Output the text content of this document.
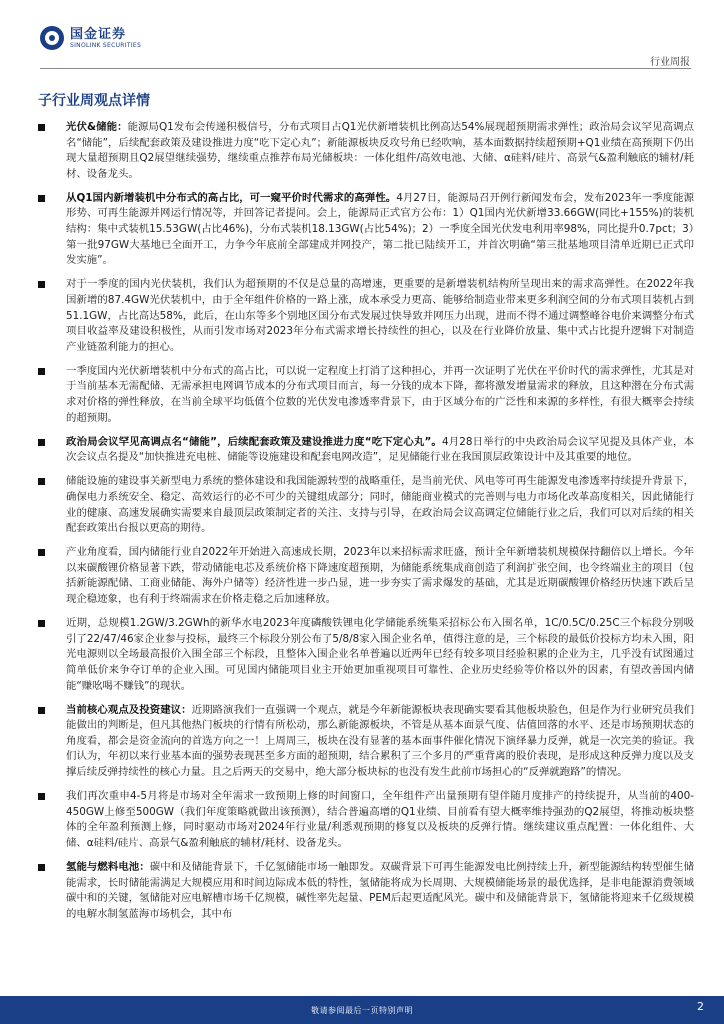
国金证券
SINOLINK SECURITIES
行业周报
子行业周观点详情
光伏&储能：能源局Q1发布会传递积极信号，分布式项目占Q1光伏新增装机比例高达54%展现超预期需求弹性；政治局会议罕见高调点名“储能”，后续配套政策及建设推进力度“吃下定心丸”；新能源板块反攻号角已经吹响，基本面数据持续超预期+Q1业绩在高预期下仍出现大量超预期且Q2展望继续强势，继续重点推荐布局光储板块：一体化组件/高效电池、大储、α硅料/硅片、高景气&盈利触底的辅材/耗材、设备龙头。
从Q1国内新增装机中分布式的高占比，可一窥平价时代需求的高弹性。4月27日，能源局召开例行新闻发布会，发布2023年一季度能源形势、可再生能源并网运行情况等，并回答记者提问。会上，能源局正式官方公布：1）Q1国内光伏新增33.66GW(同比+155%)的装机结构：集中式装机15.53GW(占比46%)，分布式装机18.13GW(占比54%)；2）一季度全国光伏发电利用率98%，同比提升0.7pct；3）第一批97GW大基地已全面开工，力争今年底前全部建成并网投产，第二批已陆续开工，并首次明确“第三批基地项目清单近期已正式印发实施”。
对于一季度的国内光伏装机，我们认为超预期的不仅是总量的高增速，更重要的是新增装机结构所呈现出来的需求高弹性。在2022年我国新增的87.4GW光伏装机中，由于全年组件价格的一路上涨，成本承受力更高、能够给制造业带来更多利润空间的分布式项目装机占到51.1GW，占比高达58%，此后，在山东等多个别地区国分布式发展过快导致并网压力出现，进而不得不通过调整峰谷电价来调整分布式项目收益率及建设积极性，从而引发市场对2023年分布式需求增长持续性的担心，以及在行业降价放量、集中式占比提升逻辑下对制造产业链盈利能力的担心。
一季度国内光伏新增装机中分布式的高占比，可以说一定程度上打消了这种担心，并再一次证明了光伏在平价时代的需求弹性，尤其是对于当前基本无需配储、无需承担电网调节成本的分布式项目而言，每一分钱的成本下降，都将激发增量需求的释放，且这种潜在分布式需求对价格的弹性释放，在当前全球平均低值个位数的光伏发电渗透率背景下，由于区域分布的广泛性和来源的多样性，有很大概率会持续的超预期。
政治局会议罕见高调点名“储能”，后续配套政策及建设推进力度“吃下定心丸”。4月28日举行的中央政治局会议罕见提及具体产业，本次会议点名提及“加快推进充电桩、储能等设施建设和配套电网改造”，足见储能行业在我国顶层政策设计中及其重要的地位。
储能设施的建设事关新型电力系统的整体建设和我国能源转型的战略重任，是当前光伏、风电等可再生能源发电渗透率持续提升背景下，确保电力系统安全、稳定、高效运行的必不可少的关键组成部分；同时，储能商业模式的完善则与电力市场化改革高度相关，因此储能行业的健康、高速发展确实需要来自最顶层政策制定者的关注、支持与引导，在政治局会议高调定位储能行业之后，我们可以对后续的相关配套政策出台报以更高的期待。
产业角度看，国内储能行业自2022年开始进入高速成长期，2023年以来招标需求旺盛，预计全年新增装机规模保持翻倍以上增长。今年以来碳酸锂价格显著下跌，带动储能电芯及系统价格下降速度超预期，为储能系统集成商创造了利润扩张空间，也令终端业主的项目（包括新能源配储、工商业储能、海外户储等）经济性进一步凸显，进一步夯实了需求爆发的基础，尤其是近期碳酸锂价格经历快速下跌后呈现企稳迹象，也有利于终端需求在价格走稳之后加速释放。
近期，总规模1.2GW/3.2GWh的新华水电2023年度磷酸铁锂电化学储能系统集采招标公布入围名单，1C/0.5C/0.25C三个标段分别吸引了22/47/46家企业参与投标，最终三个标段分别公布了5/8/8家入围企业名单，值得注意的是，三个标段的最低价投标方均未入围，阳光电源则以全场最高报价入围全部三个标段，且整体入围企业名单普遍以近两年已经有较多项目经验积累的企业为主，几乎没有试图通过简单低价来争夺订单的企业入围。可见国内储能项目业主开始更加重视项目可靠性、企业历史经验等价格以外的因素，有望改善国内储能“赚吆喝不赚钱”的现状。
当前核心观点及投资建议：近期路演我们一直强调一个观点，就是今年新能源板块表现确实要看其他板块脸色，但是作为行业研究员我们能做出的判断是，但凡其他热门板块的行情有所松动，那么新能源板块，不管是从基本面景气度、估值回落的水平、还是市场预期状态的角度看，都会是资金流向的首选方向之一！上周周三，板块在没有显著的基本面事件催化情况下演绎暴力反弹，就是一次完美的验证。我们认为，年初以来行业基本面的强势表现甚至多方面的超预期，结合累积了三个多月的严重背离的股价表现，是形成这种反弹力度以及支撑后续反弹持续性的核心力量。且之后两天的交易中，绝大部分板块标的也没有发生此前市场担心的“反弹就跑路”的情况。
我们再次重申4-5月将是市场对全年需求一致预期上修的时间窗口，全年组件产出量预期有望伴随月度排产的持续提升，从当前的400-450GW上修至500GW（我们年度策略就做出该预测），结合普遍高增的Q1业绩、目前看有望大概率维持强劲的Q2展望，将推动板块整体的全年盈利预测上修，同时驱动市场对2024年行业量/利悉观预期的修复以及板块的反弹行情。继续建议重点配置：一体化组件、大储、α硅料/硅片、高景气&盈利触底的辅材/耗材、设备龙头。
氢能与燃料电池：碳中和及储能背景下，千亿氢储能市场一触即发。双碳背景下可再生能源发电比例持续上升，新型能源结构转型催生储能需求，长时储能需满足大规模应用和时间边际成本低的特性，氢储能将成为长周期、大规模储能场景的最优选择，是非电能源消费领域碳中和的关键，氢储能对应电解槽市场千亿规模，碱性率先起量、PEM后起更适配风光。碳中和及储能背景下，氢储能将迎来千亿级规模的电解水制氢蓝海市场机会，其中布
敬请参阅最后一页特别声明	2
